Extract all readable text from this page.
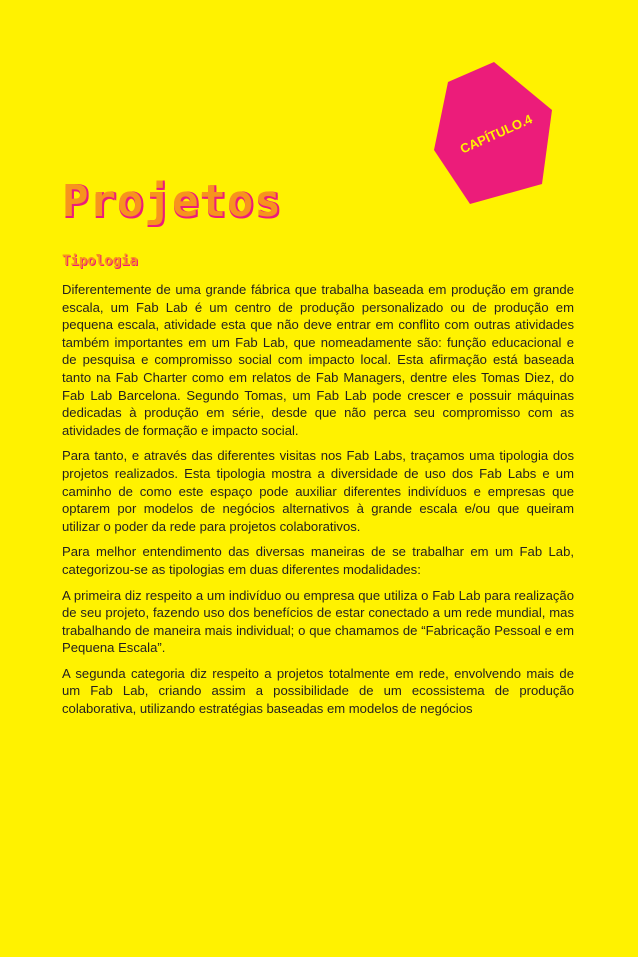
CAPÍTULO.4
Projetos
Tipologia

Diferentemente de uma grande fábrica que trabalha baseada em produção em grande escala, um Fab Lab é um centro de produção personalizado ou de produção em pequena escala, atividade esta que não deve entrar em conflito com outras atividades também importantes em um Fab Lab, que nomeadamente são: função educacional e de pesquisa e compromisso social com impacto local. Esta afirmação está baseada tanto na Fab Charter como em relatos de Fab Managers, dentre eles Tomas Diez, do Fab Lab Barcelona. Segundo Tomas, um Fab Lab pode crescer e possuir máquinas dedicadas à produção em série, desde que não perca seu compromisso com as atividades de formação e impacto social.

Para tanto, e através das diferentes visitas nos Fab Labs, traçamos uma tipologia dos projetos realizados. Esta tipologia mostra a diversidade de uso dos Fab Labs e um caminho de como este espaço pode auxiliar diferentes indivíduos e empresas que optarem por modelos de negócios alternativos à grande escala e/ou que queiram utilizar o poder da rede para projetos colaborativos.

Para melhor entendimento das diversas maneiras de se trabalhar em um Fab Lab, categorizou-se as tipologias em duas diferentes modalidades:

A primeira diz respeito a um indivíduo ou empresa que utiliza o Fab Lab para realização de seu projeto, fazendo uso dos benefícios de estar conectado a um rede mundial, mas trabalhando de maneira mais individual; o que chamamos de “Fabricação Pessoal e em Pequena Escala”.

A segunda categoria diz respeito a projetos totalmente em rede, envolvendo mais de um Fab Lab, criando assim a possibilidade de um ecossistema de produção colaborativa, utilizando estratégias baseadas em modelos de negócios
